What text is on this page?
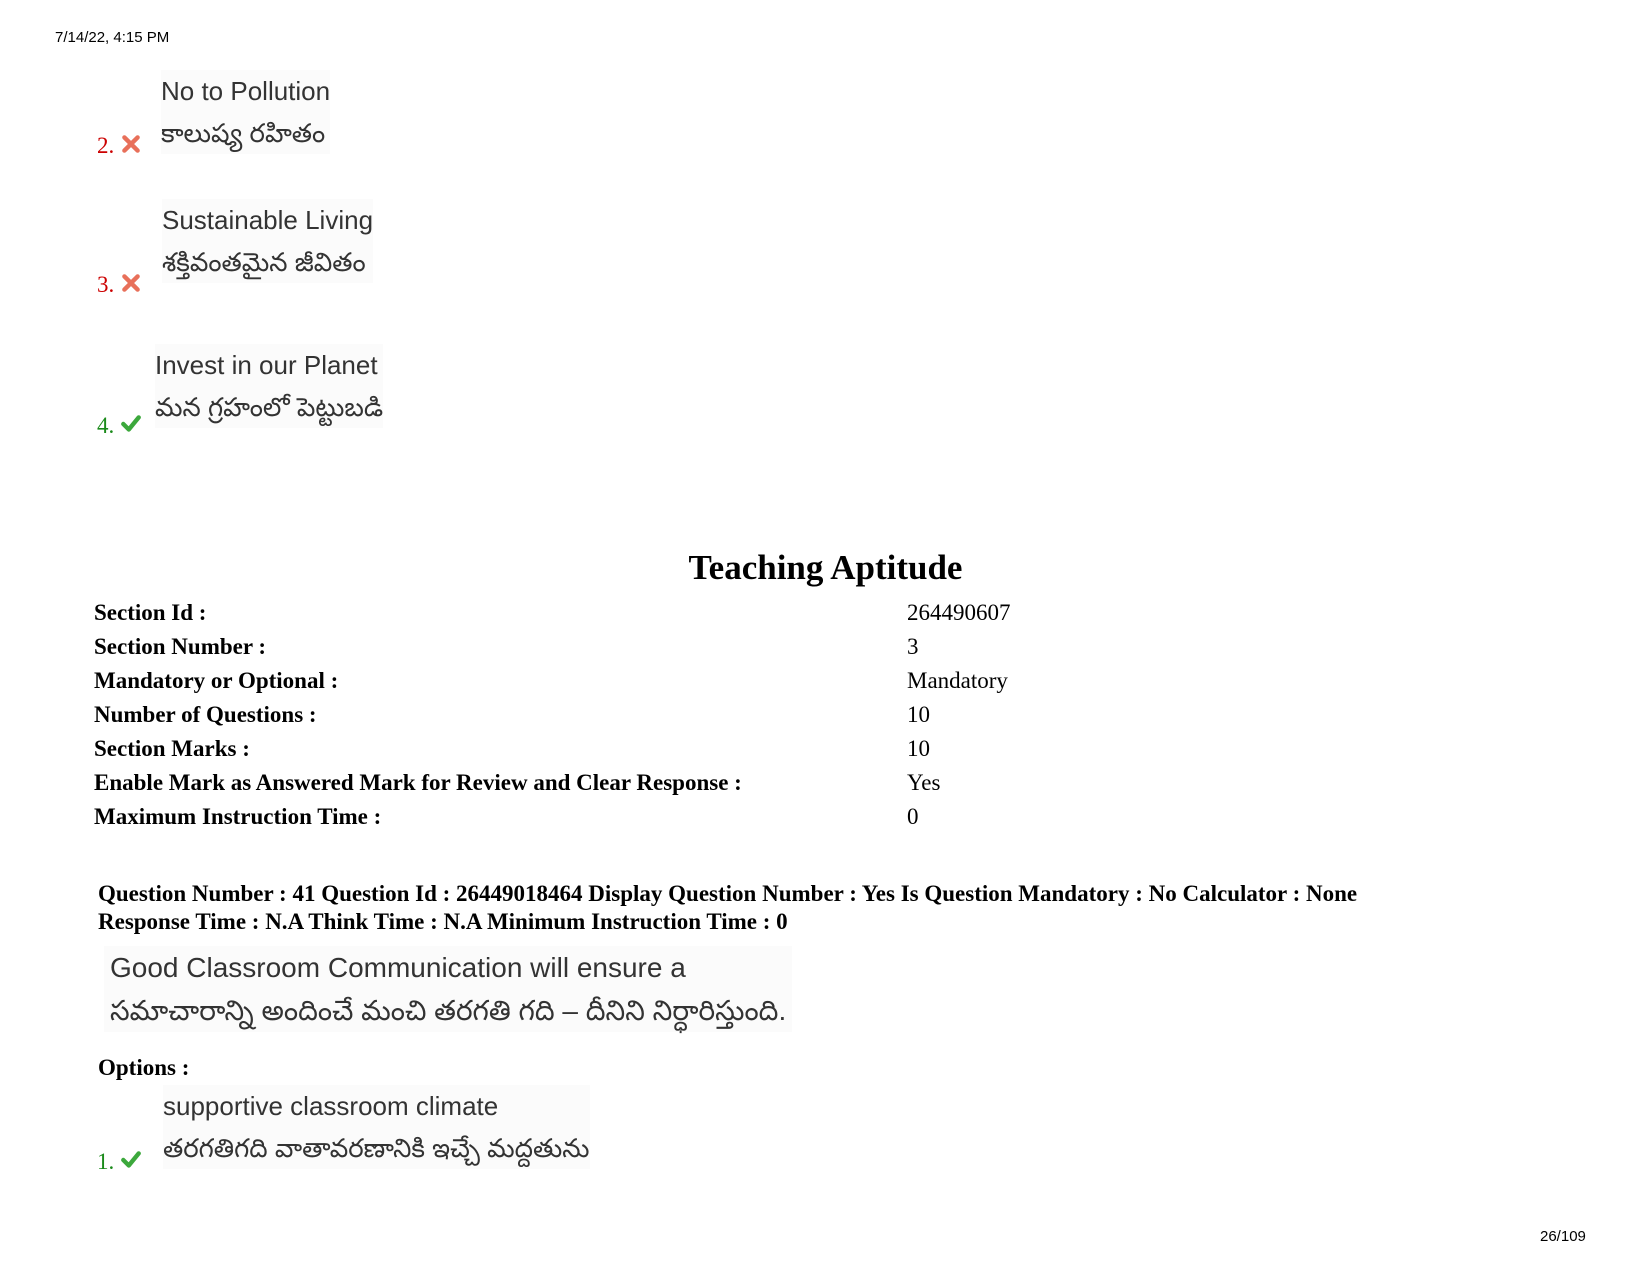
7/14/22, 4:15 PM
2.
No to Pollution
కాలుష్య రహితం
3.
Sustainable Living
శక్తివంతమైన జీవితం
4.
Invest in our Planet
మన గ్రహంలో పెట్టుబడి
Teaching Aptitude
Section Id :	264490607
Section Number :	3
Mandatory or Optional :	Mandatory
Number of Questions :	10
Section Marks :	10
Enable Mark as Answered Mark for Review and Clear Response :	Yes
Maximum Instruction Time :	0
Question Number : 41 Question Id : 26449018464 Display Question Number : Yes Is Question Mandatory : No Calculator : None
Response Time : N.A Think Time : N.A Minimum Instruction Time : 0
Good Classroom Communication will ensure a
సమాచారాన్ని అందించే మంచి తరగతి గది – దీనిని నిర్ధారిస్తుంది.
Options :
1.
supportive classroom climate
తరగతిగది వాతావరణానికి ఇచ్చే మద్దతును
26/109
